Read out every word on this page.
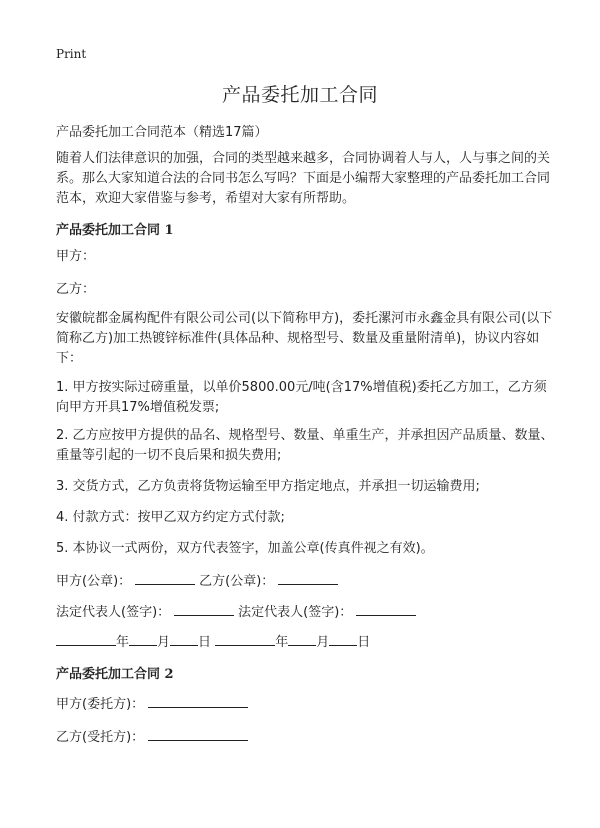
Print
产品委托加工合同

产品委托加工合同范本（精选17篇）

随着人们法律意识的加强，合同的类型越来越多，合同协调着人与人，人与事之间的关系。那么大家知道合法的合同书怎么写吗？下面是小编帮大家整理的产品委托加工合同范本，欢迎大家借鉴与参考，希望对大家有所帮助。

产品委托加工合同 1

甲方：

乙方：

安徽皖都金属构配件有限公司公司(以下简称甲方)，委托漯河市永鑫金具有限公司(以下简称乙方)加工热镀锌标准件(具体品种、规格型号、数量及重量附清单)，协议内容如下：

1. 甲方按实际过磅重量，以单价5800.00元/吨(含17%增值税)委托乙方加工，乙方须向甲方开具17%增值税发票;

2. 乙方应按甲方提供的品名、规格型号、数量、单重生产，并承担因产品质量、数量、重量等引起的一切不良后果和损失费用;

3. 交货方式，乙方负责将货物运输至甲方指定地点，并承担一切运输费用;

4. 付款方式：按甲乙双方约定方式付款;

5. 本协议一式两份，双方代表签字，加盖公章(传真件视之有效)。

甲方(公章)：	乙方(公章)：

法定代表人(签字)：	法定代表人(签字)：

年 月 日	年 月 日

产品委托加工合同 2

甲方(委托方)：

乙方(受托方)：
